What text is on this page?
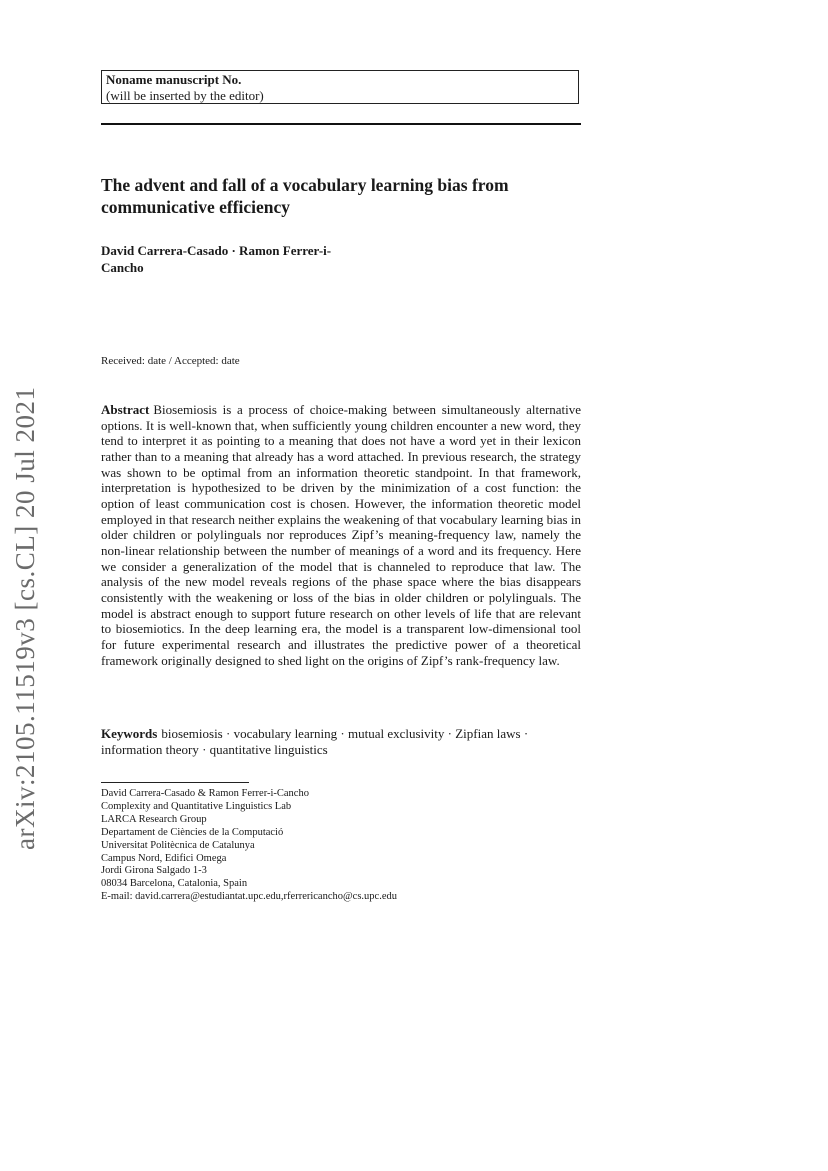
arXiv:2105.11519v3 [cs.CL] 20 Jul 2021
Noname manuscript No.
(will be inserted by the editor)
The advent and fall of a vocabulary learning bias from communicative efficiency
David Carrera-Casado · Ramon Ferrer-i-Cancho
Received: date / Accepted: date
Abstract Biosemiosis is a process of choice-making between simultaneously alternative options. It is well-known that, when sufficiently young children encounter a new word, they tend to interpret it as pointing to a meaning that does not have a word yet in their lexicon rather than to a meaning that already has a word attached. In previous research, the strategy was shown to be optimal from an information theoretic standpoint. In that framework, interpretation is hypothesized to be driven by the minimization of a cost function: the option of least communication cost is chosen. However, the information theoretic model employed in that research neither explains the weakening of that vocabulary learning bias in older children or polylinguals nor reproduces Zipf’s meaning-frequency law, namely the non-linear relationship between the number of meanings of a word and its frequency. Here we consider a generalization of the model that is channeled to reproduce that law. The analysis of the new model reveals regions of the phase space where the bias disappears consistently with the weakening or loss of the bias in older children or polylinguals. The model is abstract enough to support future research on other levels of life that are relevant to biosemiotics. In the deep learning era, the model is a transparent low-dimensional tool for future experimental research and illustrates the predictive power of a theoretical framework originally designed to shed light on the origins of Zipf’s rank-frequency law.
Keywords biosemiosis · vocabulary learning · mutual exclusivity · Zipfian laws · information theory · quantitative linguistics
David Carrera-Casado & Ramon Ferrer-i-Cancho
Complexity and Quantitative Linguistics Lab
LARCA Research Group
Departament de Ciències de la Computació
Universitat Politècnica de Catalunya
Campus Nord, Edifici Omega
Jordi Girona Salgado 1-3
08034 Barcelona, Catalonia, Spain
E-mail: david.carrera@estudiantat.upc.edu,rferrericancho@cs.upc.edu
